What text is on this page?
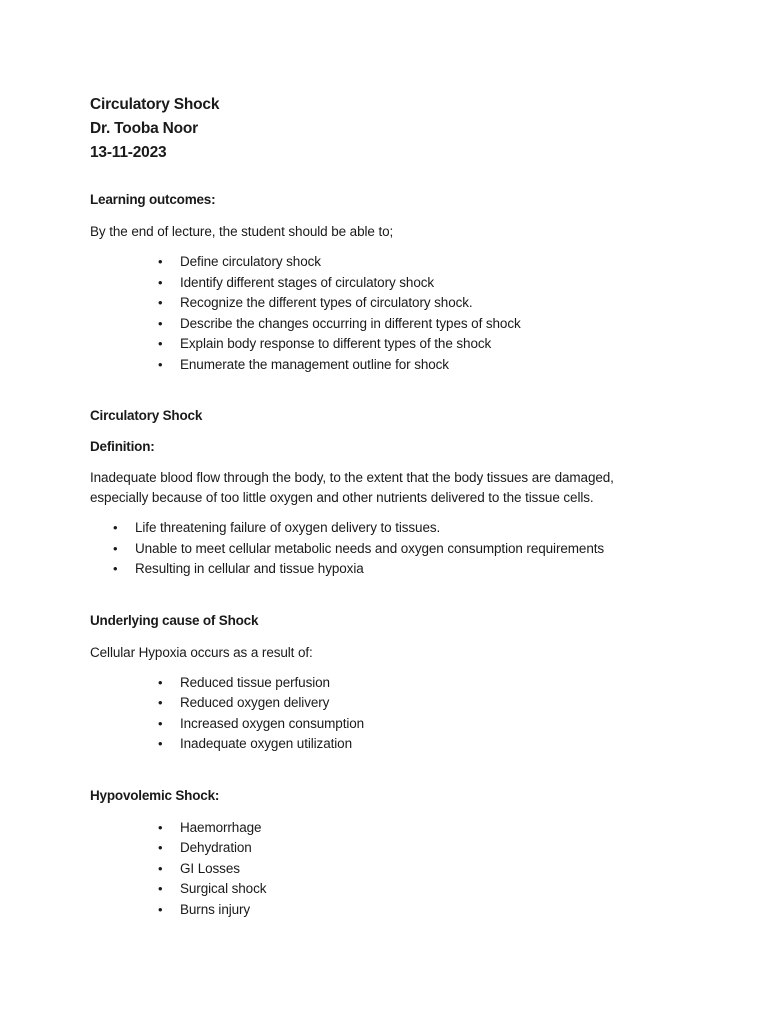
Circulatory Shock
Dr. Tooba Noor
13-11-2023
Learning outcomes:
By the end of lecture, the student should be able to;
• Define circulatory shock
• Identify different stages of circulatory shock
• Recognize the different types of circulatory shock.
• Describe the changes occurring in different types of shock
• Explain body response to different types of the shock
• Enumerate the management outline for shock
Circulatory Shock
Definition:
Inadequate blood flow through the body, to the extent that the body tissues are damaged, especially because of too little oxygen and other nutrients delivered to the tissue cells.
• Life threatening failure of oxygen delivery to tissues.
• Unable to meet cellular metabolic needs and oxygen consumption requirements
• Resulting in cellular and tissue hypoxia
Underlying cause of Shock
Cellular Hypoxia occurs as a result of:
• Reduced tissue perfusion
• Reduced oxygen delivery
• Increased oxygen consumption
• Inadequate oxygen utilization
Hypovolemic Shock:
• Haemorrhage
• Dehydration
• GI Losses
• Surgical shock
• Burns injury
